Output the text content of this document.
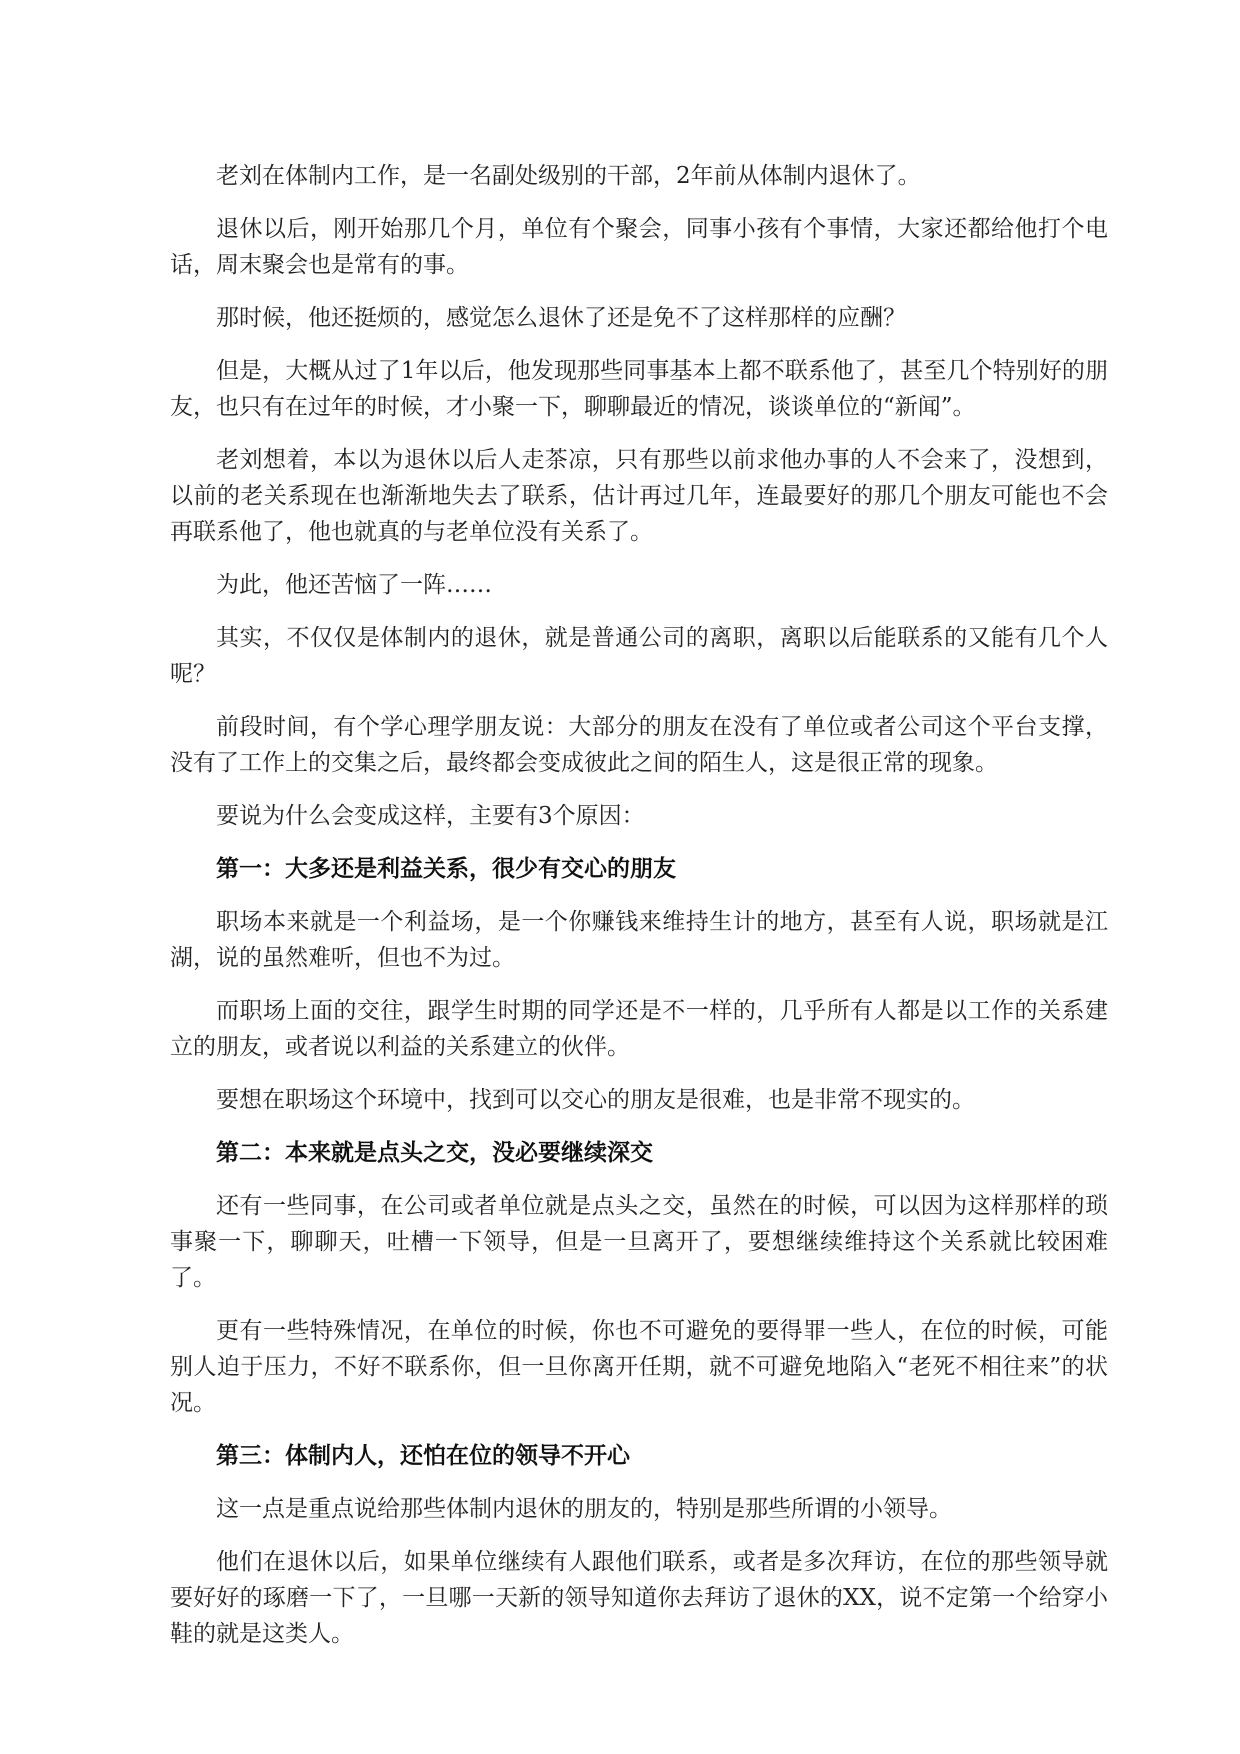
老刘在体制内工作，是一名副处级别的干部，2年前从体制内退休了。

退休以后，刚开始那几个月，单位有个聚会，同事小孩有个事情，大家还都给他打个电话，周末聚会也是常有的事。

那时候，他还挺烦的，感觉怎么退休了还是免不了这样那样的应酬？

但是，大概从过了1年以后，他发现那些同事基本上都不联系他了，甚至几个特别好的朋友，也只有在过年的时候，才小聚一下，聊聊最近的情况，谈谈单位的“新闻”。

老刘想着，本以为退休以后人走茶凉，只有那些以前求他办事的人不会来了，没想到，以前的老关系现在也渐渐地失去了联系，估计再过几年，连最要好的那几个朋友可能也不会再联系他了，他也就真的与老单位没有关系了。

为此，他还苦恼了一阵……

其实，不仅仅是体制内的退休，就是普通公司的离职，离职以后能联系的又能有几个人呢？

前段时间，有个学心理学朋友说：大部分的朋友在没有了单位或者公司这个平台支撑，没有了工作上的交集之后，最终都会变成彼此之间的陌生人，这是很正常的现象。

要说为什么会变成这样，主要有3个原因：

第一：大多还是利益关系，很少有交心的朋友

职场本来就是一个利益场，是一个你赚钱来维持生计的地方，甚至有人说，职场就是江湖，说的虽然难听，但也不为过。

而职场上面的交往，跟学生时期的同学还是不一样的，几乎所有人都是以工作的关系建立的朋友，或者说以利益的关系建立的伙伴。

要想在职场这个环境中，找到可以交心的朋友是很难，也是非常不现实的。

第二：本来就是点头之交，没必要继续深交

还有一些同事，在公司或者单位就是点头之交，虽然在的时候，可以因为这样那样的琐事聚一下，聊聊天，吐槽一下领导，但是一旦离开了，要想继续维持这个关系就比较困难了。

更有一些特殊情况，在单位的时候，你也不可避免的要得罪一些人，在位的时候，可能别人迫于压力，不好不联系你，但一旦你离开任期，就不可避免地陷入“老死不相往来”的状况。

第三：体制内人，还怕在位的领导不开心

这一点是重点说给那些体制内退休的朋友的，特别是那些所谓的小领导。

他们在退休以后，如果单位继续有人跟他们联系，或者是多次拜访，在位的那些领导就要好好的琢磨一下了，一旦哪一天新的领导知道你去拜访了退休的XX，说不定第一个给穿小鞋的就是这类人。
